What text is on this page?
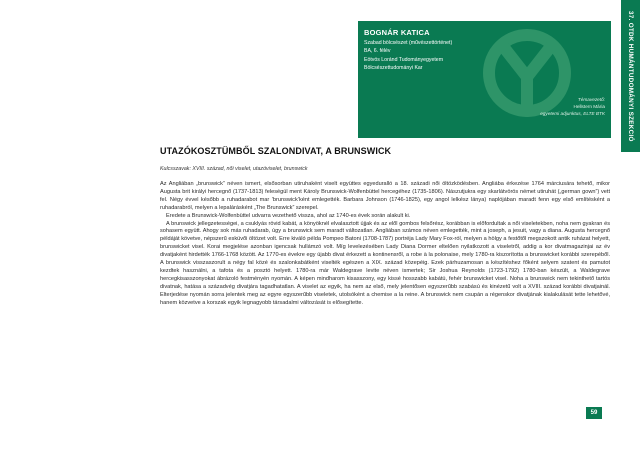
37. OTDK HUMÁNTUDOMÁNYI SZEKCIÓ
BOGNÁR KATICA
Szabad bölcsészet (művészettörténet)
BA, 6. félév
Eötvös Loránd Tudományegyetem
Bölcsészettudományi Kar
Témavezető:
Hellstern Mária
egyetemi adjunktus, ELTE BTK
UTAZÓKOSZTÜMBŐL SZALONDIVAT, A BRUNSWICK
Kulcsszavak: XVIII. század, női viselet, utazóviselet, brunswick

Az Angliában „brunswick” néven ismert, elsősorban utiruhaként viselt együttes egyeduralló a 18. századi női öltözködésben. Angliába érkezése 1764 márciusára tehető, mikor Augusta brit királyi hercegnő (1737-1813) feleségül ment Károly Brunswick-Wolfenbüttel hercegéhez (1735-1806). Nászutjukra egy skarlátvörös német utiruhát („german gown”) vett fel. Négy évvel később a ruhadarabot mar ’brunswick’ként emlegették. Barbara Johnson (1746-1825), egy angol lelkész lánya) naplójában maradt fenn egy első említésként a ruhadarabról, melyen a lepalárásként „The Brunswick” szerepel.

Eredete a Brunswick-Wolfenbüttel udvarra vezethető vissza, ahol az 1740-es évek során alakult ki.

A brunswick jellegzetességei, a csuklyás rövid kabát, a könyöknél elvalasztott újjak és az elől gombos felsőrész, korábban is előfordultak a női viseletekben, noha nem gyakran és sohasem együtt. Ahogy sok más ruhadarab, úgy a brunswick sem maradt változatlan. Angliában számos néven emlegették, mint a joseph, a jesuit, vagy a diana. Augusta hercegnő példáját követve, népszerű esküvői öltözet volt. Erre kiváló példa Pompeo Batoni (1708-1787) portréja Lady Mary Fox-ról, melyen a hölgy a festőtől megszokott antik ruházat helyett, brunswicket visel. Korai megjelése azonban igencsak hullámzó volt. Míg levelezésében Lady Diana Dormer eltelően nyilatkozott a viseletről, addig a kor divatmagazinjai az év divatjaként hirdették 1766-1768 között. Az 1770-es évekre egy újabb divat érkezett a kontinensről, a robe à la polonaise, mely 1780-ra kiszorította a brunswicket korábbi szerepéből. A brunswick visszaszorult a négy fal közé és szalonkabátként viselték egészen a XIX. század közepéig. Ezek párhuzamosan a készítéshez főként selyem szatent és pamutot kezdtek használni, a tafota és a posztó helyett. 1780-ra már Waldegrave levite néven ismertek; Sir Joshua Reynolds (1723-1792) 1780-ban készült, a Waldegrave hercegkisasszonyokat ábrázoló festményén nyomán. A képen mindharom kisasszony, egy kissé hosszabb kabátú, fehér brunswicket visel. Noha a brunswick nem tekinthető tartós divatnak, hatása a századvég divatjára tagadhatatlan. A viselet az egyik, ha nem az első, mely jelentősen egyszerűbb szabású és kinézetű volt a XVIII. század korábbi divatjainál. Elterjedése nyomán sorra jelentek meg az egyre egyszerűbb viseletek, utolsóként a chemise a la reine. A brunswick nem csupán a régenskor divatjának kialakulását tette lehetővé, hanem közvetve a korszak egyik legnagyobb társadalmi változását is elősegítette.

59
